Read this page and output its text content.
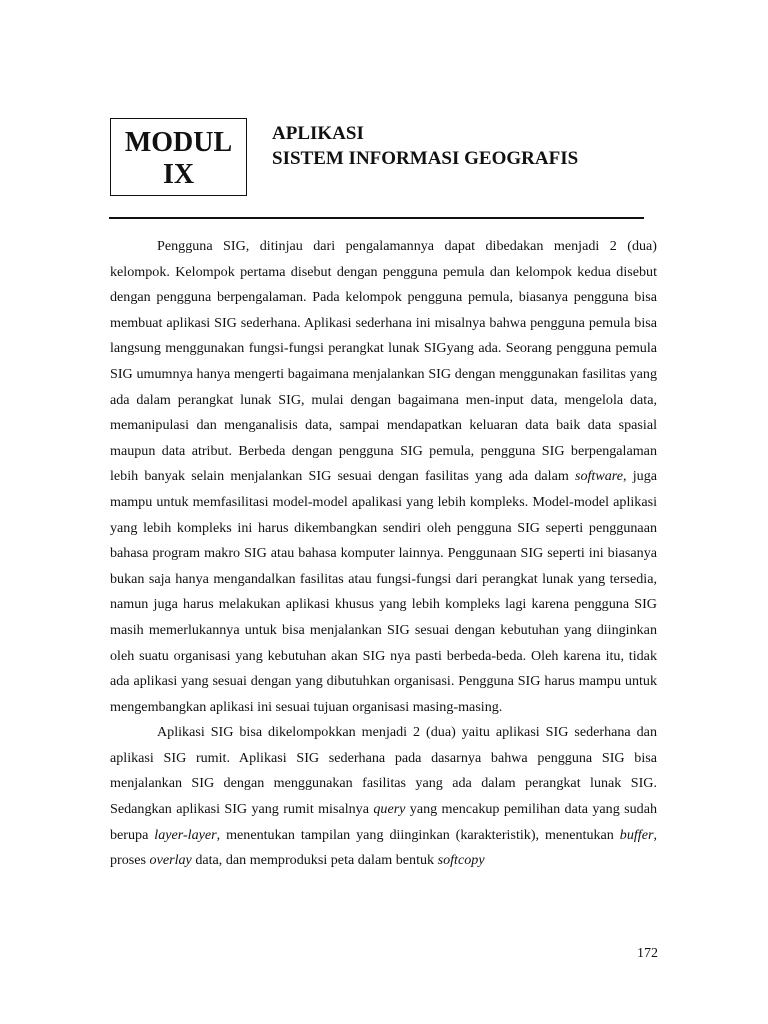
MODUL
IX
APLIKASI
SISTEM INFORMASI GEOGRAFIS

Pengguna SIG, ditinjau dari pengalamannya dapat dibedakan menjadi 2 (dua) kelompok. Kelompok pertama disebut dengan pengguna pemula dan kelompok kedua disebut dengan pengguna berpengalaman. Pada kelompok pengguna pemula, biasanya pengguna bisa membuat aplikasi SIG sederhana. Aplikasi sederhana ini misalnya bahwa pengguna pemula bisa langsung menggunakan fungsi-fungsi perangkat lunak SIGyang ada. Seorang pengguna pemula SIG umumnya hanya mengerti bagaimana menjalankan SIG dengan menggunakan fasilitas yang ada dalam perangkat lunak SIG, mulai dengan bagaimana men-input data, mengelola data, memanipulasi dan menganalisis data, sampai mendapatkan keluaran data baik data spasial maupun data atribut. Berbeda dengan pengguna SIG pemula, pengguna SIG berpengalaman lebih banyak selain menjalankan SIG sesuai dengan fasilitas yang ada dalam software, juga mampu untuk memfasilitasi model-model apalikasi yang lebih kompleks. Model-model aplikasi yang lebih kompleks ini harus dikembangkan sendiri oleh pengguna SIG seperti penggunaan bahasa program makro SIG atau bahasa komputer lainnya. Penggunaan SIG seperti ini biasanya bukan saja hanya mengandalkan fasilitas atau fungsi-fungsi dari perangkat lunak yang tersedia, namun juga harus melakukan aplikasi khusus yang lebih kompleks lagi karena pengguna SIG masih memerlukannya untuk bisa menjalankan SIG sesuai dengan kebutuhan yang diinginkan oleh suatu organisasi yang kebutuhan akan SIG nya pasti berbeda-beda. Oleh karena itu, tidak ada aplikasi yang sesuai dengan yang dibutuhkan organisasi. Pengguna SIG harus mampu untuk mengembangkan aplikasi ini sesuai tujuan organisasi masing-masing.

Aplikasi SIG bisa dikelompokkan menjadi 2 (dua) yaitu aplikasi SIG sederhana dan aplikasi SIG rumit. Aplikasi SIG sederhana pada dasarnya bahwa pengguna SIG bisa menjalankan SIG dengan menggunakan fasilitas yang ada dalam perangkat lunak SIG. Sedangkan aplikasi SIG yang rumit misalnya query yang mencakup pemilihan data yang sudah berupa layer-layer, menentukan tampilan yang diinginkan (karakteristik), menentukan buffer, proses overlay data, dan memproduksi peta dalam bentuk softcopy

172
